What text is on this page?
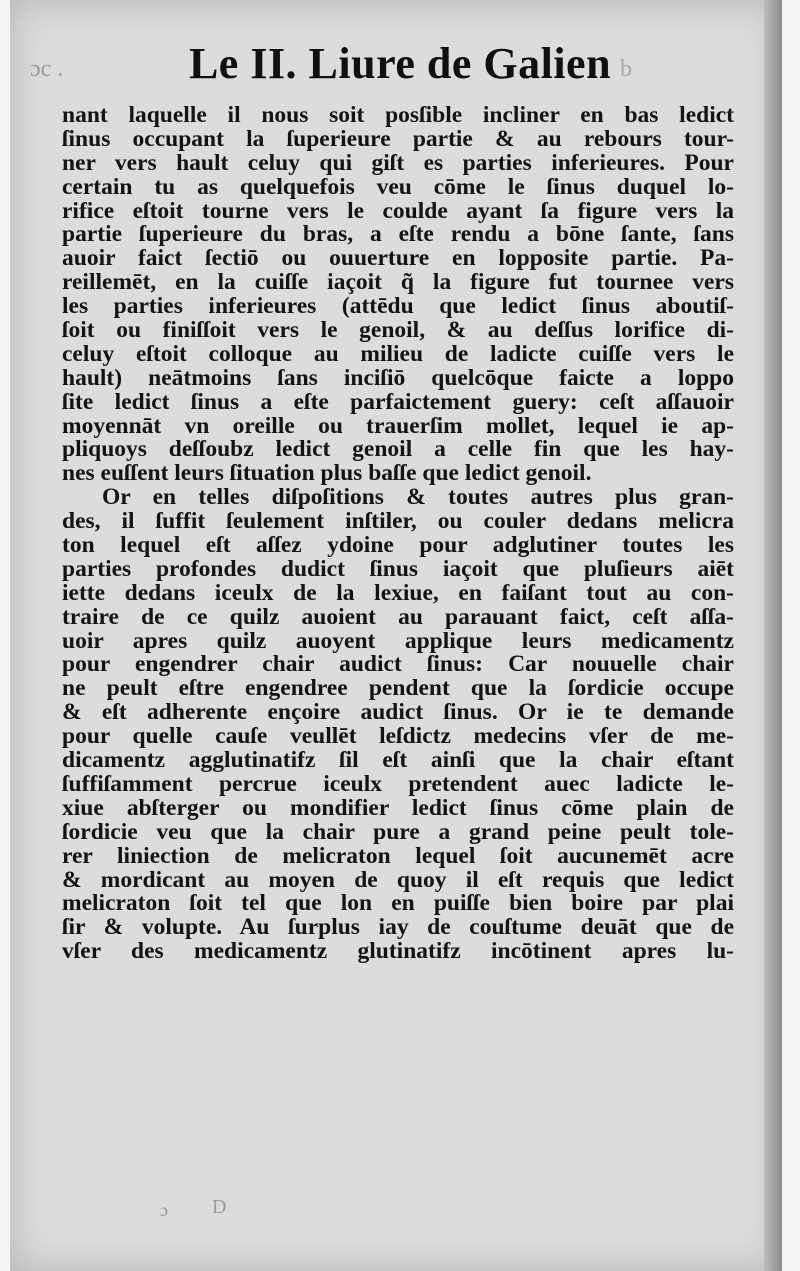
ɔc .	b
Le II. Liure de Galien
nant laquelle il nous soit posſible incliner en bas ledict
ſinus occupant la ſuperieure partie & au rebours tour-
ner vers hault celuy qui giſt es parties inferieures. Pour
certain tu as quelquefois veu cōme le ſinus duquel lo-
rifice eſtoit tourne vers le coulde ayant ſa figure vers la
partie ſuperieure du bras, a eſte rendu a bōne ſante, ſans
auoir faict ſectiō ou ouuerture en lopposite partie. Pa-
reillemēt, en la cuiſſe iaçoit q̃ la figure fut tournee vers
les parties inferieures (attēdu que ledict ſinus aboutiſ-
ſoit ou finiſſoit vers le genoil, & au deſſus lorifice di-
celuy eſtoit colloque au milieu de ladicte cuiſſe vers le
hault) neātmoins ſans inciſiō quelcōque faicte a loppo
ſite ledict ſinus a eſte parfaictement guery: ceſt aſſauoir
moyennāt vn oreille ou trauerſim mollet, lequel ie ap-
pliquoys deſſoubz ledict genoil a celle fin que les hay-
nes euſſent leurs ſituation plus baſſe que ledict genoil.
Or en telles diſpoſitions & toutes autres plus gran-
des, il ſuffit ſeulement inſtiler, ou couler dedans melicra
ton lequel eſt aſſez ydoine pour adglutiner toutes les
parties profondes dudict ſinus iaçoit que pluſieurs aiēt
iette dedans iceulx de la lexiue, en faiſant tout au con-
traire de ce quilz auoient au parauant faict, ceſt aſſa-
uoir apres quilz auoyent applique leurs medicamentz
pour engendrer chair audict ſinus: Car nouuelle chair
ne peult eſtre engendree pendent que la ſordicie occupe
& eſt adherente ençoire audict ſinus. Or ie te demande
pour quelle cauſe veullēt leſdictz medecins vſer de me-
dicamentz agglutinatifz ſil eſt ainſi que la chair eſtant
ſuffiſamment percrue iceulx pretendent auec ladicte le-
xiue abſterger ou mondifier ledict ſinus cōme plain de
ſordicie veu que la chair pure a grand peine peult tole-
rer liniection de melicraton lequel ſoit aucunemēt acre
& mordicant au moyen de quoy il eſt requis que ledict
melicraton ſoit tel que lon en puiſſe bien boire par plai
ſir & volupte. Au ſurplus iay de couſtume deuāt que de
vſer des medicamentz glutinatifz incōtinent apres lu-
ɔ D
